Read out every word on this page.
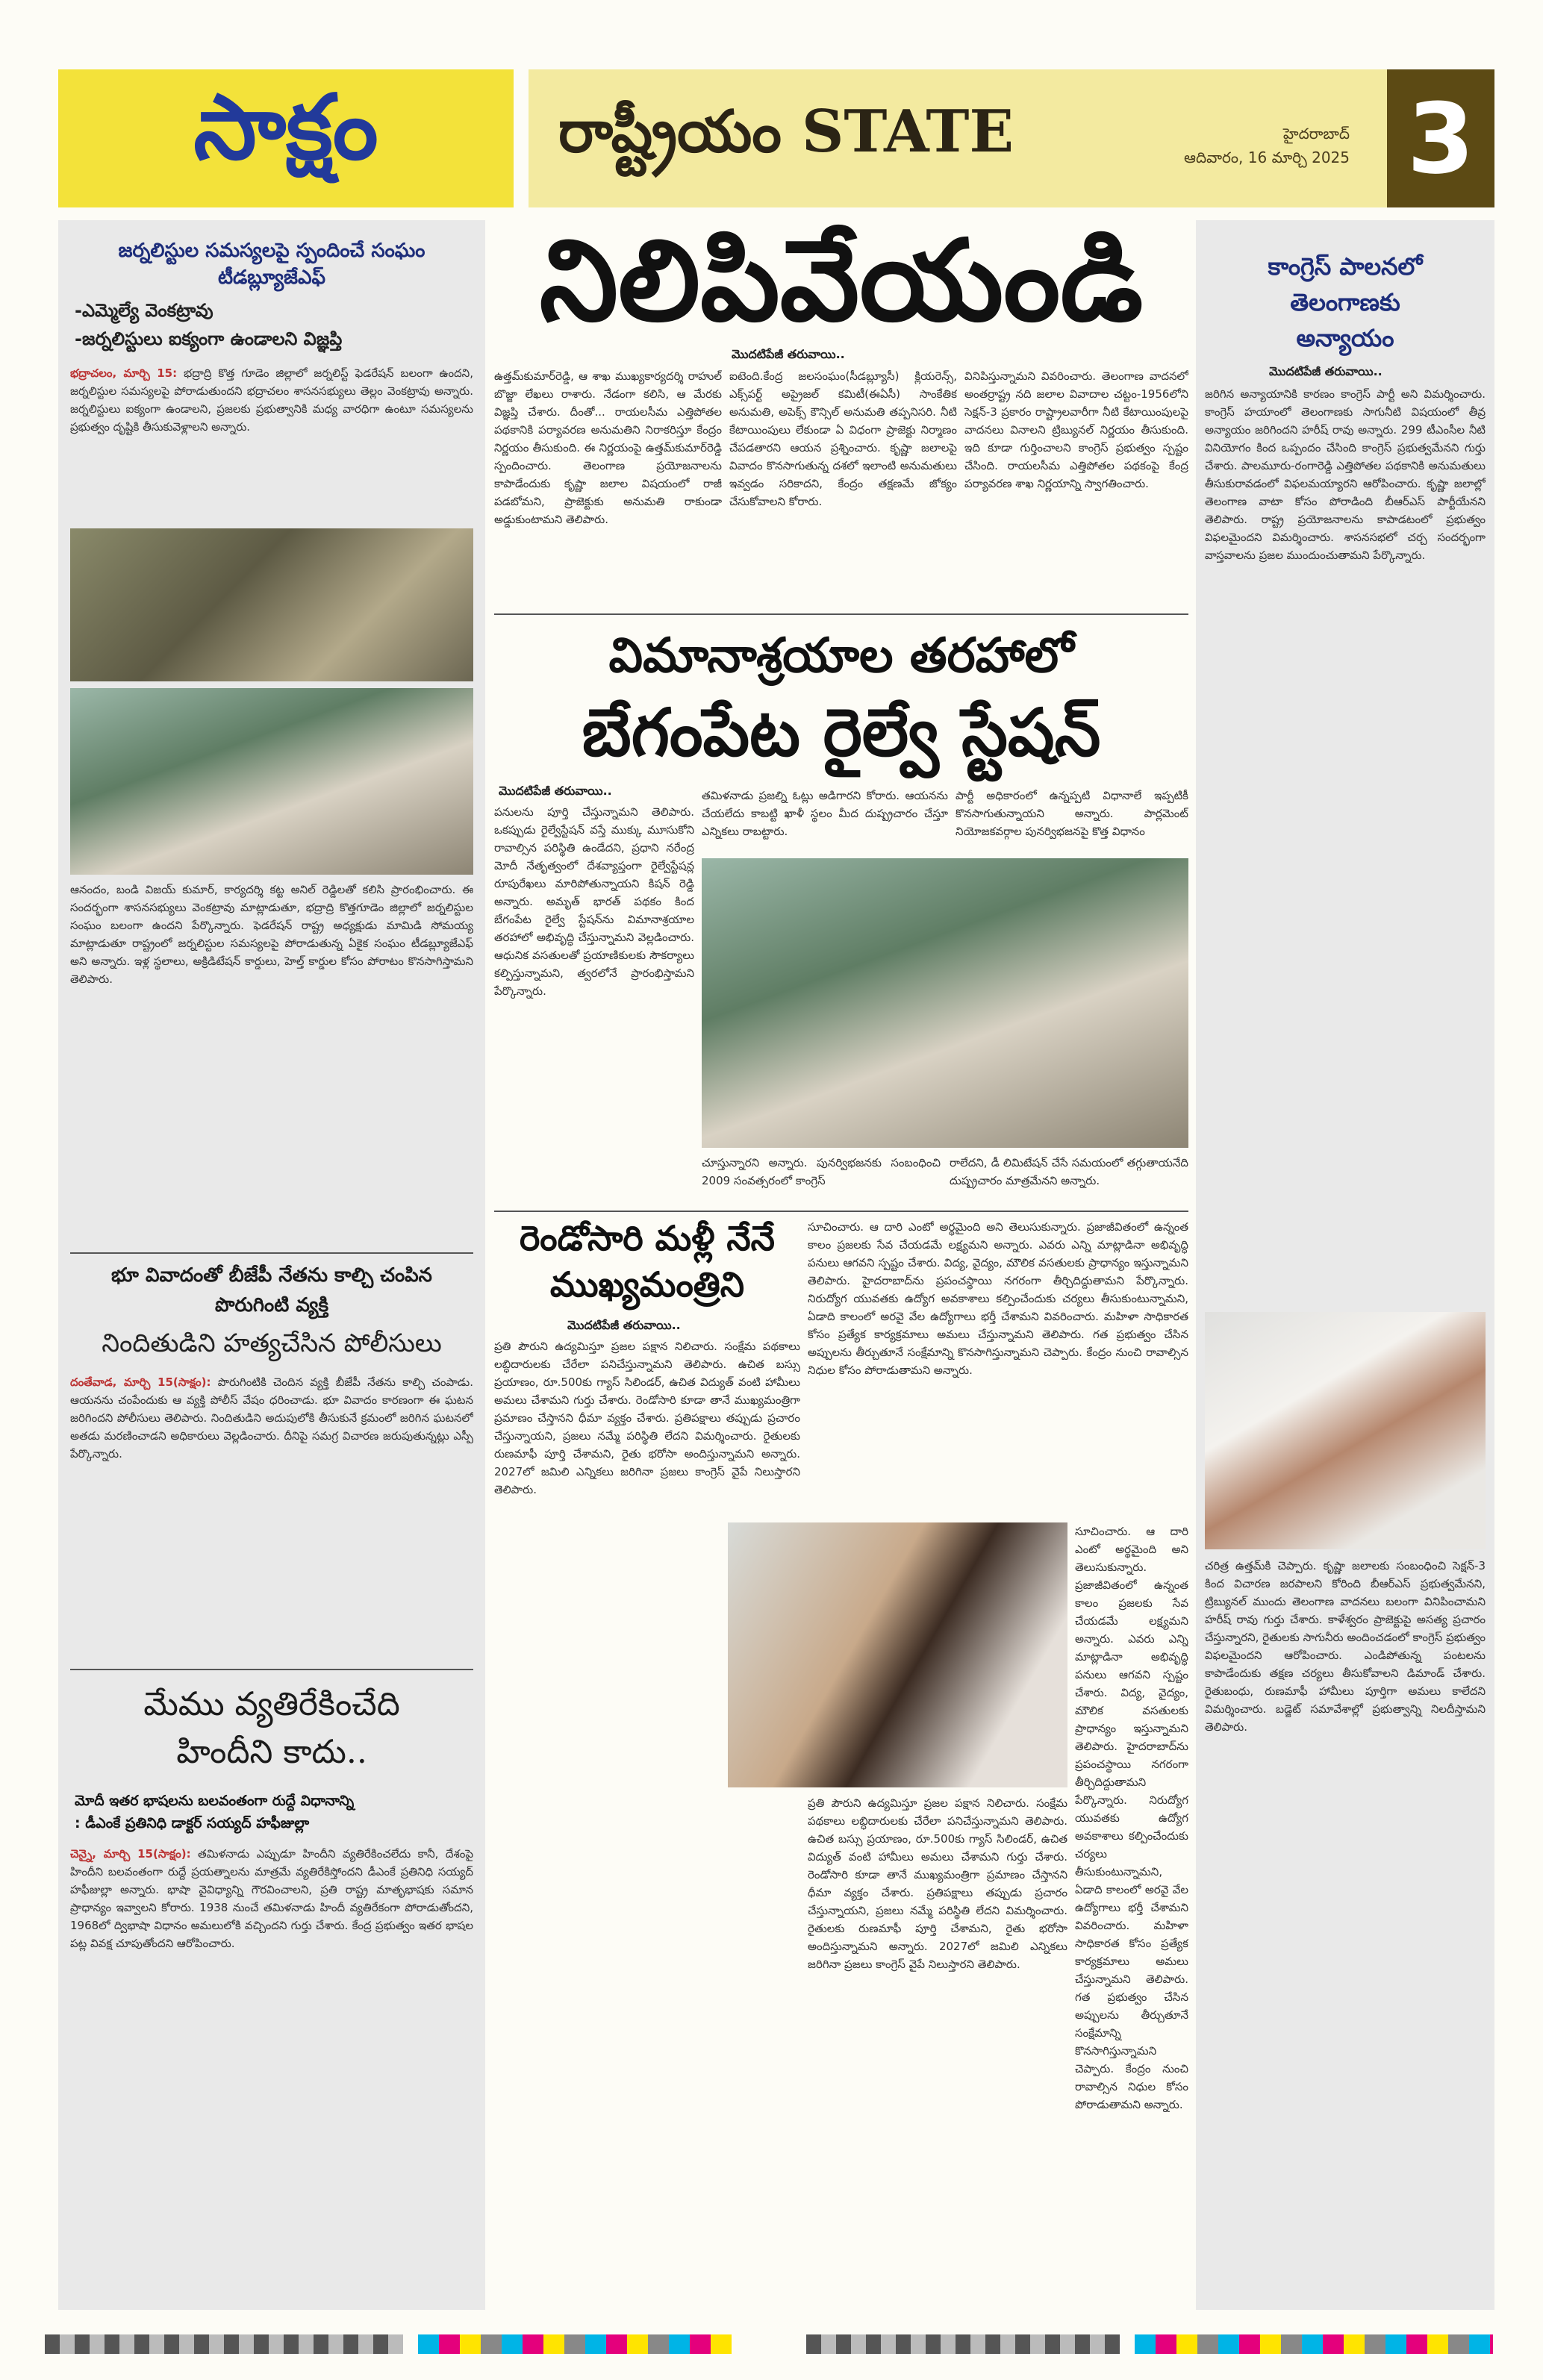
సాక్షం	రాష్ట్రీయం STATE	హైదరాబాద్
ఆదివారం, 16 మార్చి 2025 3
జర్నలిస్టుల సమస్యలపై స్పందించే సంఘం టీడబ్ల్యూజేఎఫ్
-ఎమ్మెల్యే వెంకట్రావు
-జర్నలిస్టులు ఐక్యంగా ఉండాలని విజ్ఞప్తి
భద్రాచలం, మార్చి 15: భద్రాద్రి కొత్త గూడెం జిల్లాలో జర్నలిస్ట్ ఫెడరేషన్ బలంగా ఉందని, జర్నలిస్టుల సమస్యలపై పోరాడుతుందని భద్రాచలం శాసనసభ్యులు తెల్లం వెంకట్రావు అన్నారు. జర్నలిస్టులు ఐక్యంగా ఉండాలని, ప్రజలకు ప్రభుత్వానికి మధ్య వారధిగా ఉంటూ సమస్యలను ప్రభుత్వం దృష్టికి తీసుకువెళ్లాలని అన్నారు.
ఆనందం, బండి విజయ్ కుమార్, కార్యదర్శి కట్ట అనిల్ రెడ్డిలతో కలిసి ప్రారంభించారు. ఈ సందర్భంగా శాసనసభ్యులు వెంకట్రావు మాట్లాడుతూ, భద్రాద్రి కొత్తగూడెం జిల్లాలో జర్నలిస్టుల సంఘం బలంగా ఉందని పేర్కొన్నారు. ఫెడరేషన్ రాష్ట్ర అధ్యక్షుడు మామిడి సోమయ్య మాట్లాడుతూ రాష్ట్రంలో జర్నలిస్టుల సమస్యలపై పోరాడుతున్న ఏకైక సంఘం టీడబ్ల్యూజేఎఫ్ అని అన్నారు. ఇళ్ల స్థలాలు, అక్రిడిటేషన్ కార్డులు, హెల్త్ కార్డుల కోసం పోరాటం కొనసాగిస్తామని తెలిపారు.
భూ వివాదంతో బీజేపీ నేతను కాల్చి చంపిన
పొరుగింటి వ్యక్తి
నిందితుడిని హత్యచేసిన పోలీసులు
దంతేవాడ, మార్చి 15(సాక్షం): పొరుగింటికి చెందిన వ్యక్తి బీజేపీ నేతను కాల్చి చంపాడు. ఆయనను చంపేందుకు ఆ వ్యక్తి పోలీస్ వేషం ధరించాడు. భూ వివాదం కారణంగా ఈ ఘటన జరిగిందని పోలీసులు తెలిపారు. నిందితుడిని అదుపులోకి తీసుకునే క్రమంలో జరిగిన ఘటనలో అతడు మరణించాడని అధికారులు వెల్లడించారు. దీనిపై సమగ్ర విచారణ జరుపుతున్నట్లు ఎస్పీ పేర్కొన్నారు.
మేము వ్యతిరేకించేది
హిందీని కాదు..
మోదీ ఇతర భాషలను బలవంతంగా రుద్దే విధానాన్ని
: డీఎంకే ప్రతినిధి డాక్టర్ సయ్యద్ హఫీజుల్లా
చెన్నై, మార్చి 15(సాక్షం): తమిళనాడు ఎప్పుడూ హిందీని వ్యతిరేకించలేదు కానీ, దేశంపై హిందీని బలవంతంగా రుద్దే ప్రయత్నాలను మాత్రమే వ్యతిరేకిస్తోందని డీఎంకే ప్రతినిధి సయ్యద్ హఫీజుల్లా అన్నారు. భాషా వైవిధ్యాన్ని గౌరవించాలని, ప్రతి రాష్ట్ర మాతృభాషకు సమాన ప్రాధాన్యం ఇవ్వాలని కోరారు. 1938 నుంచే తమిళనాడు హిందీ వ్యతిరేకంగా పోరాడుతోందని, 1968లో ద్విభాషా విధానం అమలులోకి వచ్చిందని గుర్తు చేశారు. కేంద్ర ప్రభుత్వం ఇతర భాషల పట్ల వివక్ష చూపుతోందని ఆరోపించారు.
నిలిపివేయండి
మొదటిపేజీ తరువాయి..
ఉత్తమ్‌కుమార్‌రెడ్డి, ఆ శాఖ ముఖ్యకార్యదర్శి రాహుల్ బొజ్జా లేఖలు రాశారు. నేడంగా కలిసి, ఆ మేరకు విజ్ఞప్తి చేశారు. దీంతో... రాయలసీమ ఎత్తిపోతల పథకానికి పర్యావరణ అనుమతిని నిరాకరిస్తూ కేంద్రం నిర్ణయం తీసుకుంది. ఈ నిర్ణయంపై ఉత్తమ్‌కుమార్‌రెడ్డి స్పందించారు. తెలంగాణ ప్రయోజనాలను కాపాడేందుకు కృష్ణా జలాల విషయంలో రాజీ పడబోమని, ప్రాజెక్టుకు అనుమతి రాకుండా అడ్డుకుంటామని తెలిపారు.
ఐటెంది.కేంద్ర జలసంఘం(సీడబ్ల్యూసీ) క్లియరెన్స్, ఎక్స్‌పర్ట్ అప్రైజల్ కమిటీ(ఈఏసీ) సాంకేతిక అనుమతి, అపెక్స్ కౌన్సిల్ అనుమతి తప్పనిసరి. నీటి కేటాయింపులు లేకుండా ఏ విధంగా ప్రాజెక్టు నిర్మాణం చేపడతారని ఆయన ప్రశ్నించారు. కృష్ణా జలాలపై వివాదం కొనసాగుతున్న దశలో ఇలాంటి అనుమతులు ఇవ్వడం సరికాదని, కేంద్రం తక్షణమే జోక్యం చేసుకోవాలని కోరారు.
వినిపిస్తున్నామని వివరించారు. తెలంగాణ వాదనలో అంతర్రాష్ట్ర నది జలాల వివాదాల చట్టం-1956లోని సెక్షన్-3 ప్రకారం రాష్ట్రాలవారీగా నీటి కేటాయింపులపై వాదనలు వినాలని ట్రిబ్యునల్ నిర్ణయం తీసుకుంది. ఇది కూడా గుర్తించాలని కాంగ్రెస్ ప్రభుత్వం స్పష్టం చేసింది. రాయలసీమ ఎత్తిపోతల పథకంపై కేంద్ర పర్యావరణ శాఖ నిర్ణయాన్ని స్వాగతించారు.
విమానాశ్రయాల తరహాలో
బేగంపేట రైల్వే స్టేషన్
మొదటిపేజీ తరువాయి..
పనులను పూర్తి చేస్తున్నామని తెలిపారు. ఒకప్పుడు రైల్వేస్టేషన్ వస్తే ముక్కు మూసుకోని రావాల్సిన పరిస్థితి ఉండేదని, ప్రధాని నరేంద్ర మోదీ నేతృత్వంలో దేశవ్యాప్తంగా రైల్వేస్టేషన్ల రూపురేఖలు మారిపోతున్నాయని కిషన్ రెడ్డి అన్నారు. అమృత్ భారత్ పథకం కింద బేగంపేట రైల్వే స్టేషన్‌ను విమానాశ్రయాల తరహాలో అభివృద్ధి చేస్తున్నామని వెల్లడించారు. ఆధునిక వసతులతో ప్రయాణికులకు సౌకర్యాలు కల్పిస్తున్నామని, త్వరలోనే ప్రారంభిస్తామని పేర్కొన్నారు.
తమిళనాడు ప్రజల్ని ఓట్లు అడిగారని కోరారు. ఆయనను చేయలేదు కాబట్టి ఖాళీ స్థలం మీద దుష్ప్రచారం చేస్తూ ఎన్నికలు రాబట్టారు.
పార్టీ అధికారంలో ఉన్నప్పటి విధానాలే ఇప్పటికీ కొనసాగుతున్నాయని అన్నారు. పార్లమెంట్ నియోజకవర్గాల పునర్విభజనపై కొత్త విధానం
చూస్తున్నారని అన్నారు. పునర్విభజనకు సంబంధించి 2009 సంవత్సరంలో కాంగ్రెస్
రాలేదని, డీ లిమిటేషన్ చేసే సమయంలో తగ్గుతాయనేది దుష్ప్రచారం మాత్రమేనని అన్నారు.
రెండోసారి మళ్లీ నేనే
ముఖ్యమంత్రిని
మొదటిపేజీ తరువాయి..
ప్రతి పౌరుని ఉద్యమిస్తూ ప్రజల పక్షాన నిలిచారు. సంక్షేమ పథకాలు లబ్ధిదారులకు చేరేలా పనిచేస్తున్నామని తెలిపారు. ఉచిత బస్సు ప్రయాణం, రూ.500కు గ్యాస్ సిలిండర్, ఉచిత విద్యుత్ వంటి హామీలు అమలు చేశామని గుర్తు చేశారు. రెండోసారి కూడా తానే ముఖ్యమంత్రిగా ప్రమాణం చేస్తానని ధీమా వ్యక్తం చేశారు. ప్రతిపక్షాలు తప్పుడు ప్రచారం చేస్తున్నాయని, ప్రజలు నమ్మే పరిస్థితి లేదని విమర్శించారు. రైతులకు రుణమాఫీ పూర్తి చేశామని, రైతు భరోసా అందిస్తున్నామని అన్నారు. 2027లో జమిలి ఎన్నికలు జరిగినా ప్రజలు కాంగ్రెస్ వైపే నిలుస్తారని తెలిపారు.
సూచించారు. ఆ దారి ఎంటో అర్థమైంది అని తెలుసుకున్నారు. ప్రజాజీవితంలో ఉన్నంత కాలం ప్రజలకు సేవ చేయడమే లక్ష్యమని అన్నారు. ఎవరు ఎన్ని మాట్లాడినా అభివృద్ధి పనులు ఆగవని స్పష్టం చేశారు. విద్య, వైద్యం, మౌలిక వసతులకు ప్రాధాన్యం ఇస్తున్నామని తెలిపారు. హైదరాబాద్‌ను ప్రపంచస్థాయి నగరంగా తీర్చిదిద్దుతామని పేర్కొన్నారు. నిరుద్యోగ యువతకు ఉద్యోగ అవకాశాలు కల్పించేందుకు చర్యలు తీసుకుంటున్నామని, ఏడాది కాలంలో అరవై వేల ఉద్యోగాలు భర్తీ చేశామని వివరించారు. మహిళా సాధికారత కోసం ప్రత్యేక కార్యక్రమాలు అమలు చేస్తున్నామని తెలిపారు. గత ప్రభుత్వం చేసిన అప్పులను తీర్చుతూనే సంక్షేమాన్ని కొనసాగిస్తున్నామని చెప్పారు. కేంద్రం నుంచి రావాల్సిన నిధుల కోసం పోరాడుతామని అన్నారు.
సూచించారు. ఆ దారి ఎంటో అర్థమైంది అని తెలుసుకున్నారు. ప్రజాజీవితంలో ఉన్నంత కాలం ప్రజలకు సేవ చేయడమే లక్ష్యమని అన్నారు. ఎవరు ఎన్ని మాట్లాడినా అభివృద్ధి పనులు ఆగవని స్పష్టం చేశారు. విద్య, వైద్యం, మౌలిక వసతులకు ప్రాధాన్యం ఇస్తున్నామని తెలిపారు. హైదరాబాద్‌ను ప్రపంచస్థాయి నగరంగా తీర్చిదిద్దుతామని పేర్కొన్నారు. నిరుద్యోగ యువతకు ఉద్యోగ అవకాశాలు కల్పించేందుకు చర్యలు తీసుకుంటున్నామని, ఏడాది కాలంలో అరవై వేల ఉద్యోగాలు భర్తీ చేశామని వివరించారు. మహిళా సాధికారత కోసం ప్రత్యేక కార్యక్రమాలు అమలు చేస్తున్నామని తెలిపారు. గత ప్రభుత్వం చేసిన అప్పులను తీర్చుతూనే సంక్షేమాన్ని కొనసాగిస్తున్నామని చెప్పారు. కేంద్రం నుంచి రావాల్సిన నిధుల కోసం పోరాడుతామని అన్నారు.
ప్రతి పౌరుని ఉద్యమిస్తూ ప్రజల పక్షాన నిలిచారు. సంక్షేమ పథకాలు లబ్ధిదారులకు చేరేలా పనిచేస్తున్నామని తెలిపారు. ఉచిత బస్సు ప్రయాణం, రూ.500కు గ్యాస్ సిలిండర్, ఉచిత విద్యుత్ వంటి హామీలు అమలు చేశామని గుర్తు చేశారు. రెండోసారి కూడా తానే ముఖ్యమంత్రిగా ప్రమాణం చేస్తానని ధీమా వ్యక్తం చేశారు. ప్రతిపక్షాలు తప్పుడు ప్రచారం చేస్తున్నాయని, ప్రజలు నమ్మే పరిస్థితి లేదని విమర్శించారు. రైతులకు రుణమాఫీ పూర్తి చేశామని, రైతు భరోసా అందిస్తున్నామని అన్నారు. 2027లో జమిలి ఎన్నికలు జరిగినా ప్రజలు కాంగ్రెస్ వైపే నిలుస్తారని తెలిపారు.
కాంగ్రెస్ పాలనలో
తెలంగాణకు
అన్యాయం
మొదటిపేజీ తరువాయి..
జరిగిన అన్యాయానికి కారణం కాంగ్రెస్ పార్టీ అని విమర్శించారు. కాంగ్రెస్ హయాంలో తెలంగాణకు సాగునీటి విషయంలో తీవ్ర అన్యాయం జరిగిందని హరీష్ రావు అన్నారు. 299 టీఎంసీల నీటి వినియోగం కింద ఒప్పందం చేసింది కాంగ్రెస్ ప్రభుత్వమేనని గుర్తు చేశారు. పాలమూరు-రంగారెడ్డి ఎత్తిపోతల పథకానికి అనుమతులు తీసుకురావడంలో విఫలమయ్యారని ఆరోపించారు. కృష్ణా జలాల్లో తెలంగాణ వాటా కోసం పోరాడింది బీఆర్ఎస్ పార్టీయేనని తెలిపారు. రాష్ట్ర ప్రయోజనాలను కాపాడటంలో ప్రభుత్వం విఫలమైందని విమర్శించారు. శాసనసభలో చర్చ సందర్భంగా వాస్తవాలను ప్రజల ముందుంచుతామని పేర్కొన్నారు.
చరిత్ర ఉత్తమ్‌కి చెప్పారు. కృష్ణా జలాలకు సంబంధించి సెక్షన్-3 కింద విచారణ జరపాలని కోరింది బీఆర్ఎస్ ప్రభుత్వమేనని, ట్రిబ్యునల్ ముందు తెలంగాణ వాదనలు బలంగా వినిపించామని హరీష్ రావు గుర్తు చేశారు. కాళేశ్వరం ప్రాజెక్టుపై అసత్య ప్రచారం చేస్తున్నారని, రైతులకు సాగునీరు అందించడంలో కాంగ్రెస్ ప్రభుత్వం విఫలమైందని ఆరోపించారు. ఎండిపోతున్న పంటలను కాపాడేందుకు తక్షణ చర్యలు తీసుకోవాలని డిమాండ్ చేశారు. రైతుబంధు, రుణమాఫీ హామీలు పూర్తిగా అమలు కాలేదని విమర్శించారు. బడ్జెట్ సమావేశాల్లో ప్రభుత్వాన్ని నిలదీస్తామని తెలిపారు.
